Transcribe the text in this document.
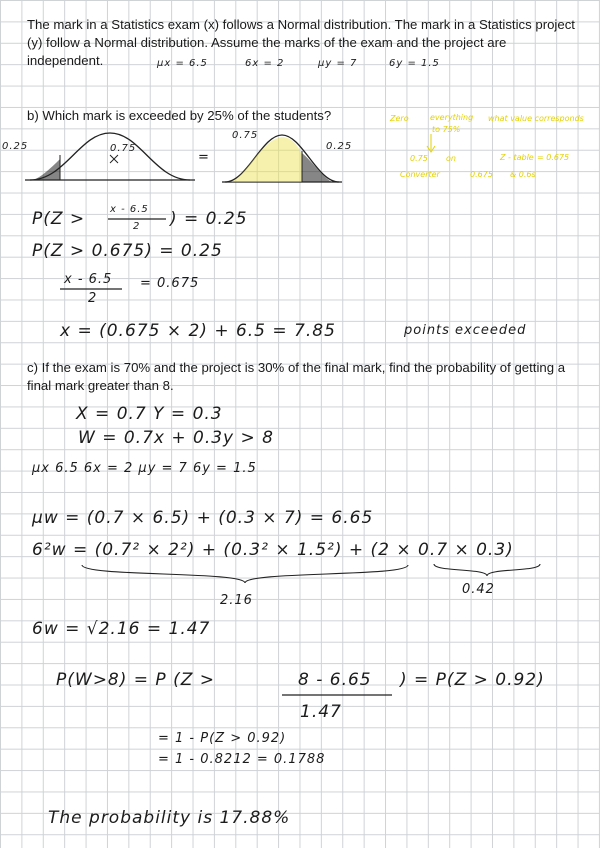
The mark in a Statistics exam (x) follows a Normal distribution. The mark in a Statistics project (y) follow a Normal distribution. Assume the marks of the exam and the project are independent.	μx = 6.5	6x = 2	μy = 7	6y = 1.5
b) Which mark is exceeded by 25% of the students?
0.25	0.75
=
0.75
0.25
Zero	everything
to 75%
what value corresponds
0.75 on	Z - table = 0.675
Converter	0.675 & 0.6s
P(Z > x - 6.5
2 ) = 0.25
P(Z > 0.675) = 0.25
x - 6.5
2
= 0.675
x = (0.675 × 2) + 6.5 = 7.85	points exceeded
c) If the exam is 70% and the project is 30% of the final mark, find the probability of getting a final mark greater than 8.
X = 0.7 Y = 0.3
W = 0.7x + 0.3y > 8
μx 6.5 6x = 2 μy = 7 6y = 1.5
μw = (0.7 × 6.5) + (0.3 × 7) = 6.65
6²w = (0.7² × 2²) + (0.3² × 1.5²) + (2 × 0.7 × 0.3)
0.42
2.16
6w = √2.16 = 1.47
P(W>8) = P (Z >	8 - 6.65
1.47
) = P(Z > 0.92)
= 1 - P(Z > 0.92)
= 1 - 0.8212 = 0.1788
The probability is 17.88%
